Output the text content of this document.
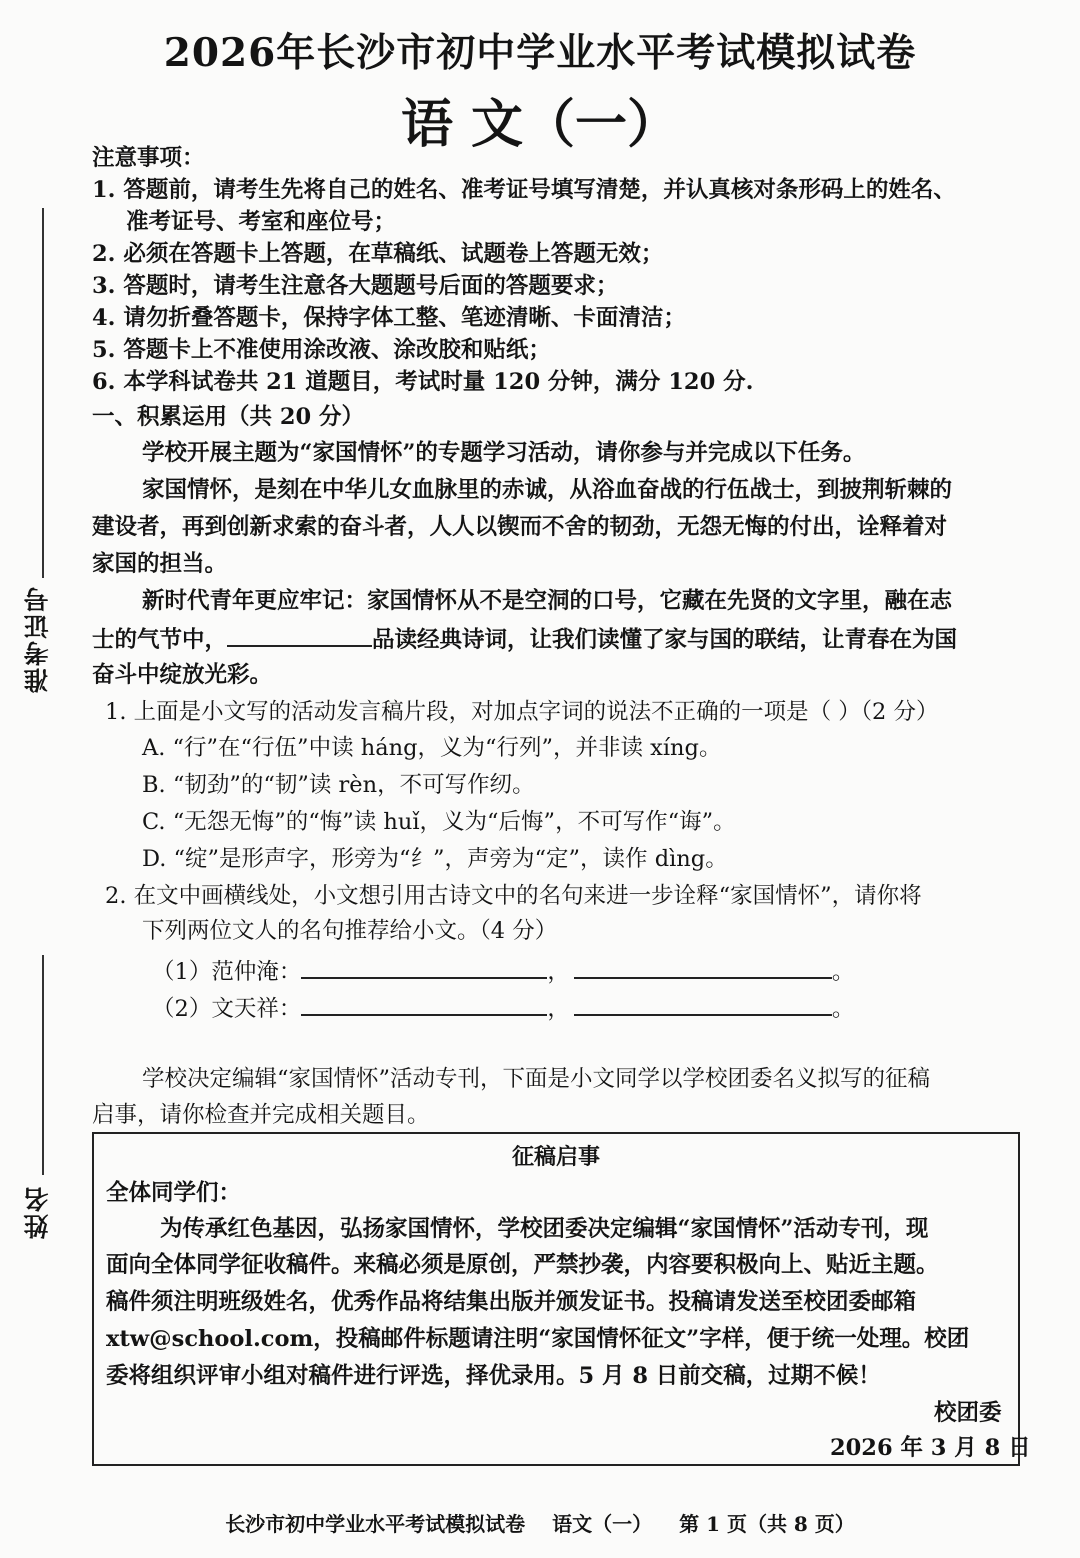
2026年长沙市初中学业水平考试模拟试卷
语 文（一）
准考证号
姓名
注意事项：
1. 答题前，请考生先将自己的姓名、准考证号填写清楚，并认真核对条形码上的姓名、
准考证号、考室和座位号；
2. 必须在答题卡上答题，在草稿纸、试题卷上答题无效；
3. 答题时，请考生注意各大题题号后面的答题要求；
4. 请勿折叠答题卡，保持字体工整、笔迹清晰、卡面清洁；
5. 答题卡上不准使用涂改液、涂改胶和贴纸；
6. 本学科试卷共 21 道题目，考试时量 120 分钟，满分 120 分.
一、积累运用（共 20 分）
学校开展主题为“家国情怀”的专题学习活动，请你参与并完成以下任务。
家国情怀，是刻在中华儿女血脉里的赤诚，从浴血奋战的行伍战士，到披荆斩棘的
建设者，再到创新求索的奋斗者，人人以锲而不舍的韧劲，无怨无悔的付出，诠释着对
家国的担当。
新时代青年更应牢记：家国情怀从不是空洞的口号，它藏在先贤的文字里，融在志
士的气节中，	品读经典诗词，让我们读懂了家与国的联结，让青春在为国
奋斗中绽放光彩。
1. 上面是小文写的活动发言稿片段，对加点字词的说法不正确的一项是（ ）（2 分）
A. “行”在“行伍”中读 háng，义为“行列”，并非读 xíng。
B. “韧劲”的“韧”读 rèn，不可写作纫。
C. “无怨无悔”的“悔”读 huǐ，义为“后悔”，不可写作“诲”。
D. “绽”是形声字，形旁为“纟”，声旁为“定”，读作 dìng。
2. 在文中画横线处，小文想引用古诗文中的名句来进一步诠释“家国情怀”，请你将
下列两位文人的名句推荐给小文。（4 分）
（1）范仲淹：	，	。
（2）文天祥：	，	。
学校决定编辑“家国情怀”活动专刊，下面是小文同学以学校团委名义拟写的征稿
启事，请你检查并完成相关题目。
征稿启事
全体同学们：
为传承红色基因，弘扬家国情怀，学校团委决定编辑“家国情怀”活动专刊，现
面向全体同学征收稿件。来稿必须是原创，严禁抄袭，内容要积极向上、贴近主题。
稿件须注明班级姓名，优秀作品将结集出版并颁发证书。投稿请发送至校团委邮箱
xtw@school.com，投稿邮件标题请注明“家国情怀征文”字样，便于统一处理。校团
委将组织评审小组对稿件进行评选，择优录用。5 月 8 日前交稿，过期不候！
校团委
2026 年 3 月 8 日
长沙市初中学业水平考试模拟试卷 语文（一） 第 1 页（共 8 页）
